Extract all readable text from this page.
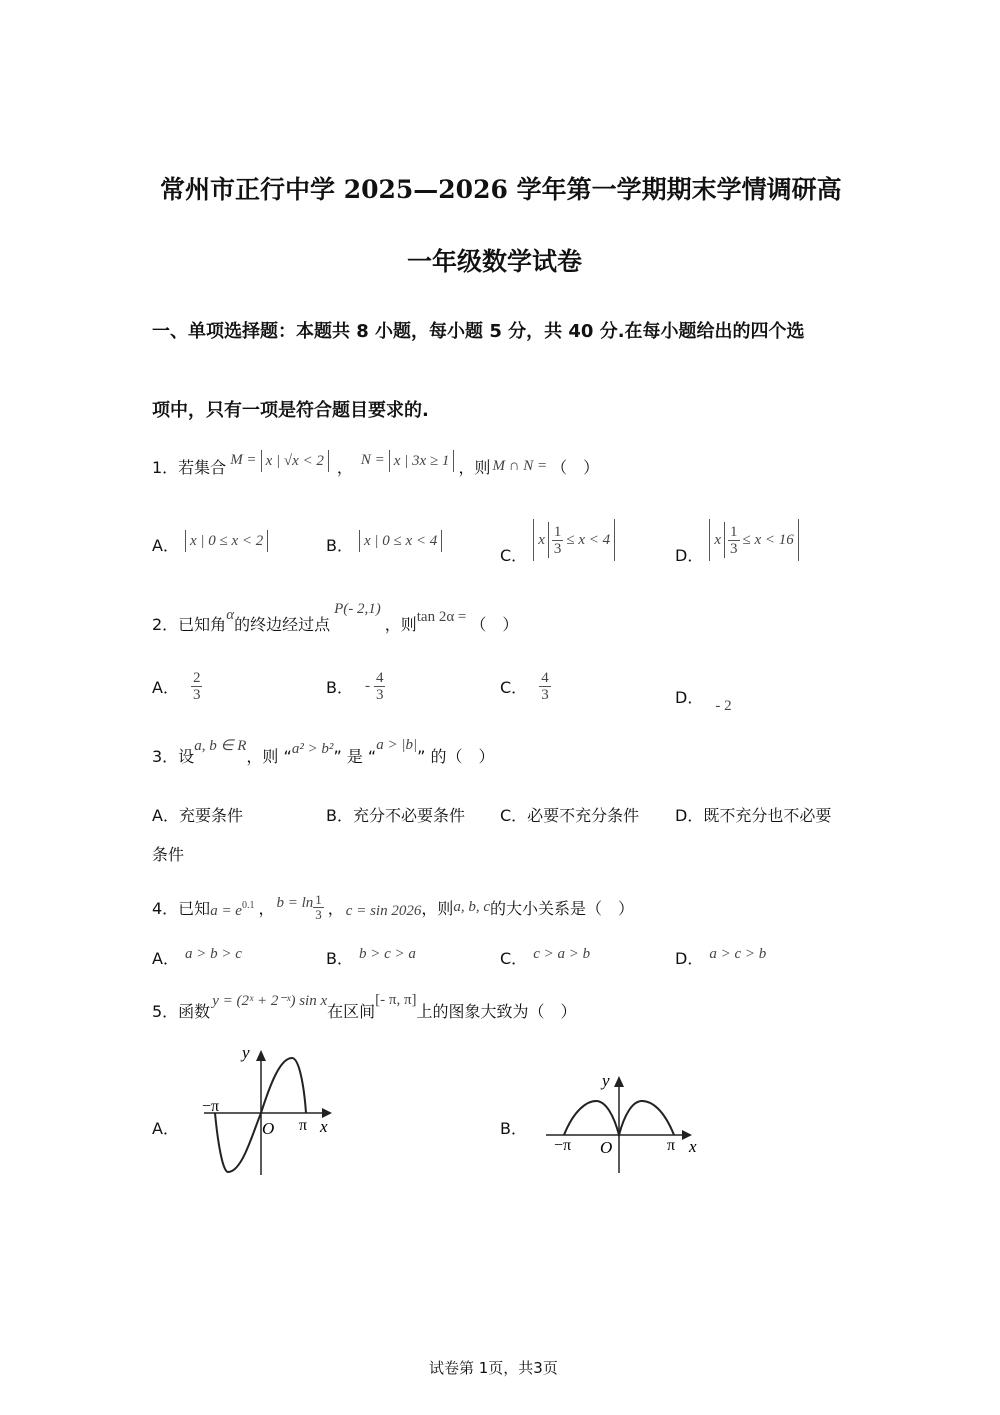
常州市正行中学 2025—2026 学年第一学期期末学情调研高
一年级数学试卷
一、单项选择题：本题共 8 小题，每小题 5 分，共 40 分.在每小题给出的四个选
项中，只有一项是符合题目要求的.
1．若集合 M = x | √x < 2 ， N = x | 3x ≥ 1 ，则 M ∩ N = （　）
A． x | 0 ≤ x < 2	B． x | 0 ≤ x < 4
C．
x $\frac{1}{3} \le x < 4$
D．
x $\frac{1}{3} \le x < 16$
2．已知角 α 的终边经过点
P(- 2,1)
，则 tan 2α = （　）
A． $\frac{2}{3}$	B． - $\frac{4}{3}$	C． $\frac{4}{3}$	D． - 2
3．设
a, b ∈ R
，则 “ a² > b² ” 是 “
a > |b|
” 的（　）
A．充要条件	B．充分不必要条件 C．必要不充分条件 D．既不充分也不必要
条件
4．已知 a = e 0.1 ， $b = \ln \frac{1}{3}$ ， c = sin 2026 ，则 a, b, c 的大小关系是（　）
A． a > b > c	B． b > c > a	C． c > a > b	D． a > c > b
5．函数
y = (2ˣ + 2⁻ˣ) sin x
在区间
[- π, π]
上的图象大致为（　）
A．
y
−π
O π x	B．
y
−π O	π x
试卷第 1页，共3页
